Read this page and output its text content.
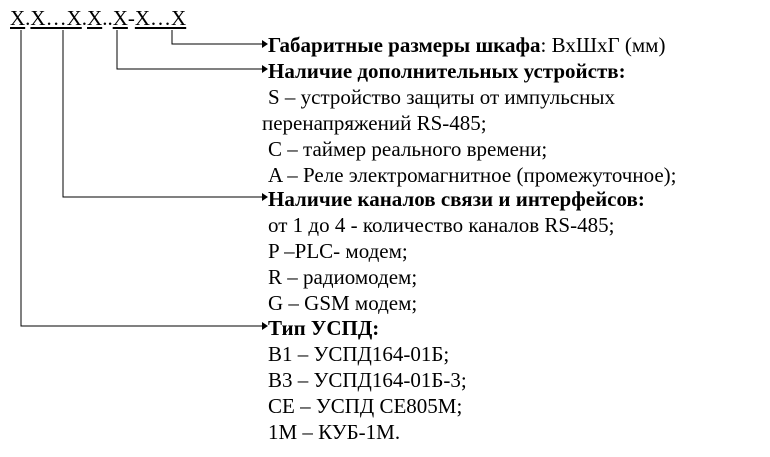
X.X…X.X..X-X…X
Габаритные размеры шкафа: ВхШхГ (мм)
Наличие дополнительных устройств:
S – устройство защиты от импульсных
перенапряжений RS-485;
C – таймер реального времени;
A – Реле электромагнитное (промежуточное);
Наличие каналов связи и интерфейсов:
от 1 до 4 - количество каналов RS-485;
P –PLC- модем;
R – радиомодем;
G – GSM модем;
Тип УСПД:
В1 – УСПД164-01Б;
В3 – УСПД164-01Б-3;
СЕ – УСПД CE805M;
1M – КУБ-1М.
